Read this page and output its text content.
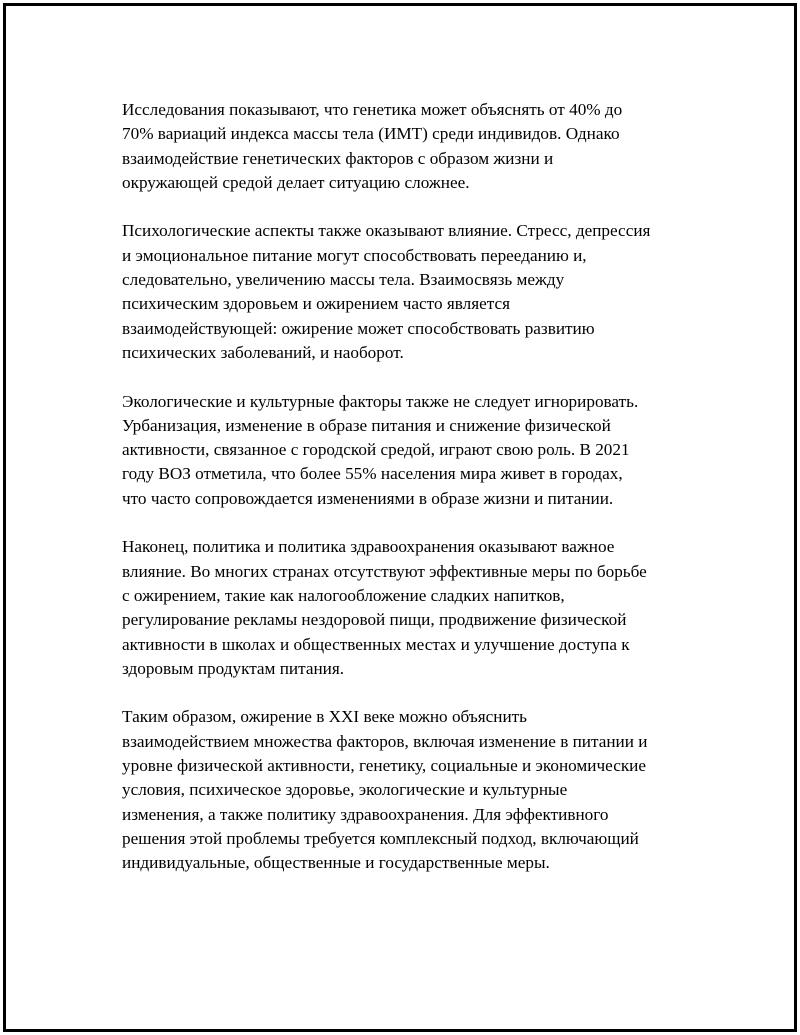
Исследования показывают, что генетика может объяснять от 40% до
70% вариаций индекса массы тела (ИМТ) среди индивидов. Однако
взаимодействие генетических факторов с образом жизни и
окружающей средой делает ситуацию сложнее.

Психологические аспекты также оказывают влияние. Стресс, депрессия
и эмоциональное питание могут способствовать перееданию и,
следовательно, увеличению массы тела. Взаимосвязь между
психическим здоровьем и ожирением часто является
взаимодействующей: ожирение может способствовать развитию
психических заболеваний, и наоборот.

Экологические и культурные факторы также не следует игнорировать.
Урбанизация, изменение в образе питания и снижение физической
активности, связанное с городской средой, играют свою роль. В 2021
году ВОЗ отметила, что более 55% населения мира живет в городах,
что часто сопровождается изменениями в образе жизни и питании.

Наконец, политика и политика здравоохранения оказывают важное
влияние. Во многих странах отсутствуют эффективные меры по борьбе
с ожирением, такие как налогообложение сладких напитков,
регулирование рекламы нездоровой пищи, продвижение физической
активности в школах и общественных местах и улучшение доступа к
здоровым продуктам питания.

Таким образом, ожирение в XXI веке можно объяснить
взаимодействием множества факторов, включая изменение в питании и
уровне физической активности, генетику, социальные и экономические
условия, психическое здоровье, экологические и культурные
изменения, а также политику здравоохранения. Для эффективного
решения этой проблемы требуется комплексный подход, включающий
индивидуальные, общественные и государственные меры.
